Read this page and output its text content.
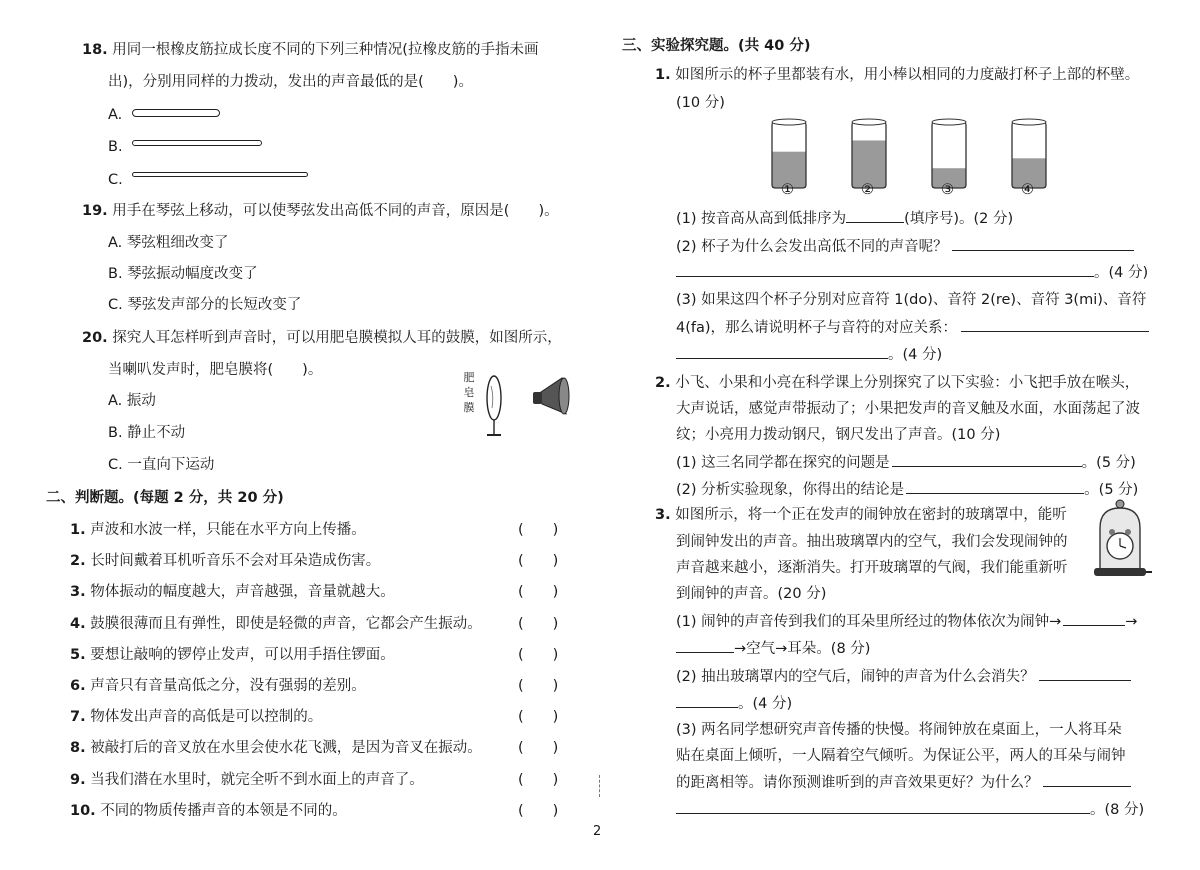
18. 用同一根橡皮筋拉成长度不同的下列三种情况(拉橡皮筋的手指未画
出)，分别用同样的力拨动，发出的声音最低的是(　　)。
A.
B.
C.
19. 用手在琴弦上移动，可以使琴弦发出高低不同的声音，原因是(　　)。
A. 琴弦粗细改变了
B. 琴弦振动幅度改变了
C. 琴弦发声部分的长短改变了
20. 探究人耳怎样听到声音时，可以用肥皂膜模拟人耳的鼓膜，如图所示，
当喇叭发声时，肥皂膜将(　　)。
A. 振动
B. 静止不动
C. 一直向下运动
肥
皂
膜
二、判断题。(每题 2 分，共 20 分)
1. 声波和水波一样，只能在水平方向上传播。	(　　)
2. 长时间戴着耳机听音乐不会对耳朵造成伤害。	(　　)
3. 物体振动的幅度越大，声音越强，音量就越大。	(　　)
4. 鼓膜很薄而且有弹性，即使是轻微的声音，它都会产生振动。	(　　)
5. 要想让敲响的锣停止发声，可以用手捂住锣面。	(　　)
6. 声音只有音量高低之分，没有强弱的差别。	(　　)
7. 物体发出声音的高低是可以控制的。	(　　)
8. 被敲打后的音叉放在水里会使水花飞溅，是因为音叉在振动。	(　　)
9. 当我们潜在水里时，就完全听不到水面上的声音了。	(　　)
10. 不同的物质传播声音的本领是不同的。	(　　)
三、实验探究题。(共 40 分)
1. 如图所示的杯子里都装有水，用小棒以相同的力度敲打杯子上部的杯壁。
(10 分)
①	②	③	④
(1) 按音高从高到低排序为	(填序号)。(2 分)
(2) 杯子为什么会发出高低不同的声音呢？
。(4 分)
(3) 如果这四个杯子分别对应音符 1(do)、音符 2(re)、音符 3(mi)、音符
4(fa)，那么请说明杯子与音符的对应关系：
。(4 分)
2. 小飞、小果和小亮在科学课上分别探究了以下实验：小飞把手放在喉头，
大声说话，感觉声带振动了；小果把发声的音叉触及水面，水面荡起了波
纹；小亮用力拨动钢尺，钢尺发出了声音。(10 分)
(1) 这三名同学都在探究的问题是	。(5 分)
(2) 分析实验现象，你得出的结论是	。(5 分)
3. 如图所示，将一个正在发声的闹钟放在密封的玻璃罩中，能听
到闹钟发出的声音。抽出玻璃罩内的空气，我们会发现闹钟的
声音越来越小，逐渐消失。打开玻璃罩的气阀，我们能重新听
到闹钟的声音。(20 分)
(1) 闹钟的声音传到我们的耳朵里所经过的物体依次为闹钟→	→
→空气→耳朵。(8 分)
(2) 抽出玻璃罩内的空气后，闹钟的声音为什么会消失？
。(4 分)
(3) 两名同学想研究声音传播的快慢。将闹钟放在桌面上，一人将耳朵
贴在桌面上倾听，一人隔着空气倾听。为保证公平，两人的耳朵与闹钟
的距离相等。请你预测谁听到的声音效果更好？为什么？
。(8 分)
2
